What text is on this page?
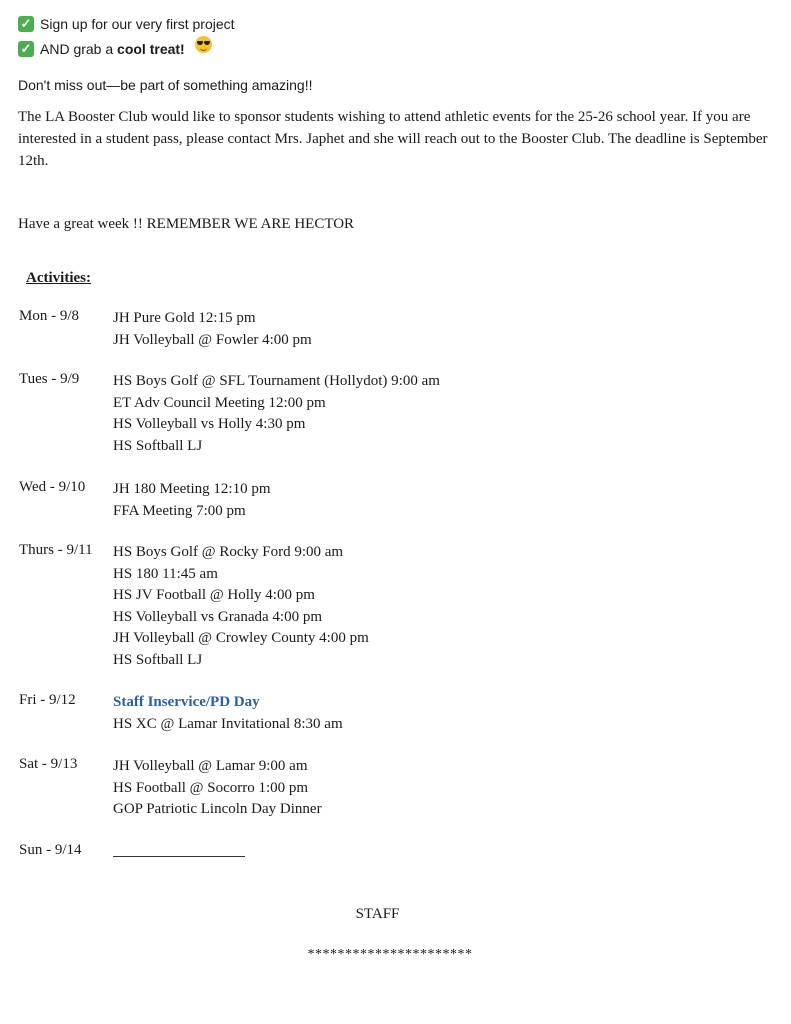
✓ Sign up for our very first project
✓ AND grab a cool treat!
Don't miss out—be part of something amazing!!
The LA Booster Club would like to sponsor students wishing to attend athletic events for the 25-26 school year. If you are interested in a student pass, please contact Mrs. Japhet and she will reach out to the Booster Club. The deadline is September 12th.
Have a great week !! REMEMBER WE ARE HECTOR
Activities:
Mon - 9/8 JH Pure Gold 12:15 pm
JH Volleyball @ Fowler 4:00 pm
Tues - 9/9 HS Boys Golf @ SFL Tournament (Hollydot) 9:00 am
ET Adv Council Meeting 12:00 pm
HS Volleyball vs Holly 4:30 pm
HS Softball LJ
Wed - 9/10 JH 180 Meeting 12:10 pm
FFA Meeting 7:00 pm
Thurs - 9/11 HS Boys Golf @ Rocky Ford 9:00 am
HS 180 11:45 am
HS JV Football @ Holly 4:00 pm
HS Volleyball vs Granada 4:00 pm
JH Volleyball @ Crowley County 4:00 pm
HS Softball LJ
Fri - 9/12 Staff Inservice/PD Day
HS XC @ Lamar Invitational 8:30 am
Sat - 9/13 JH Volleyball @ Lamar 9:00 am
HS Football @ Socorro 1:00 pm
GOP Patriotic Lincoln Day Dinner
Sun - 9/14
STAFF
**********************
